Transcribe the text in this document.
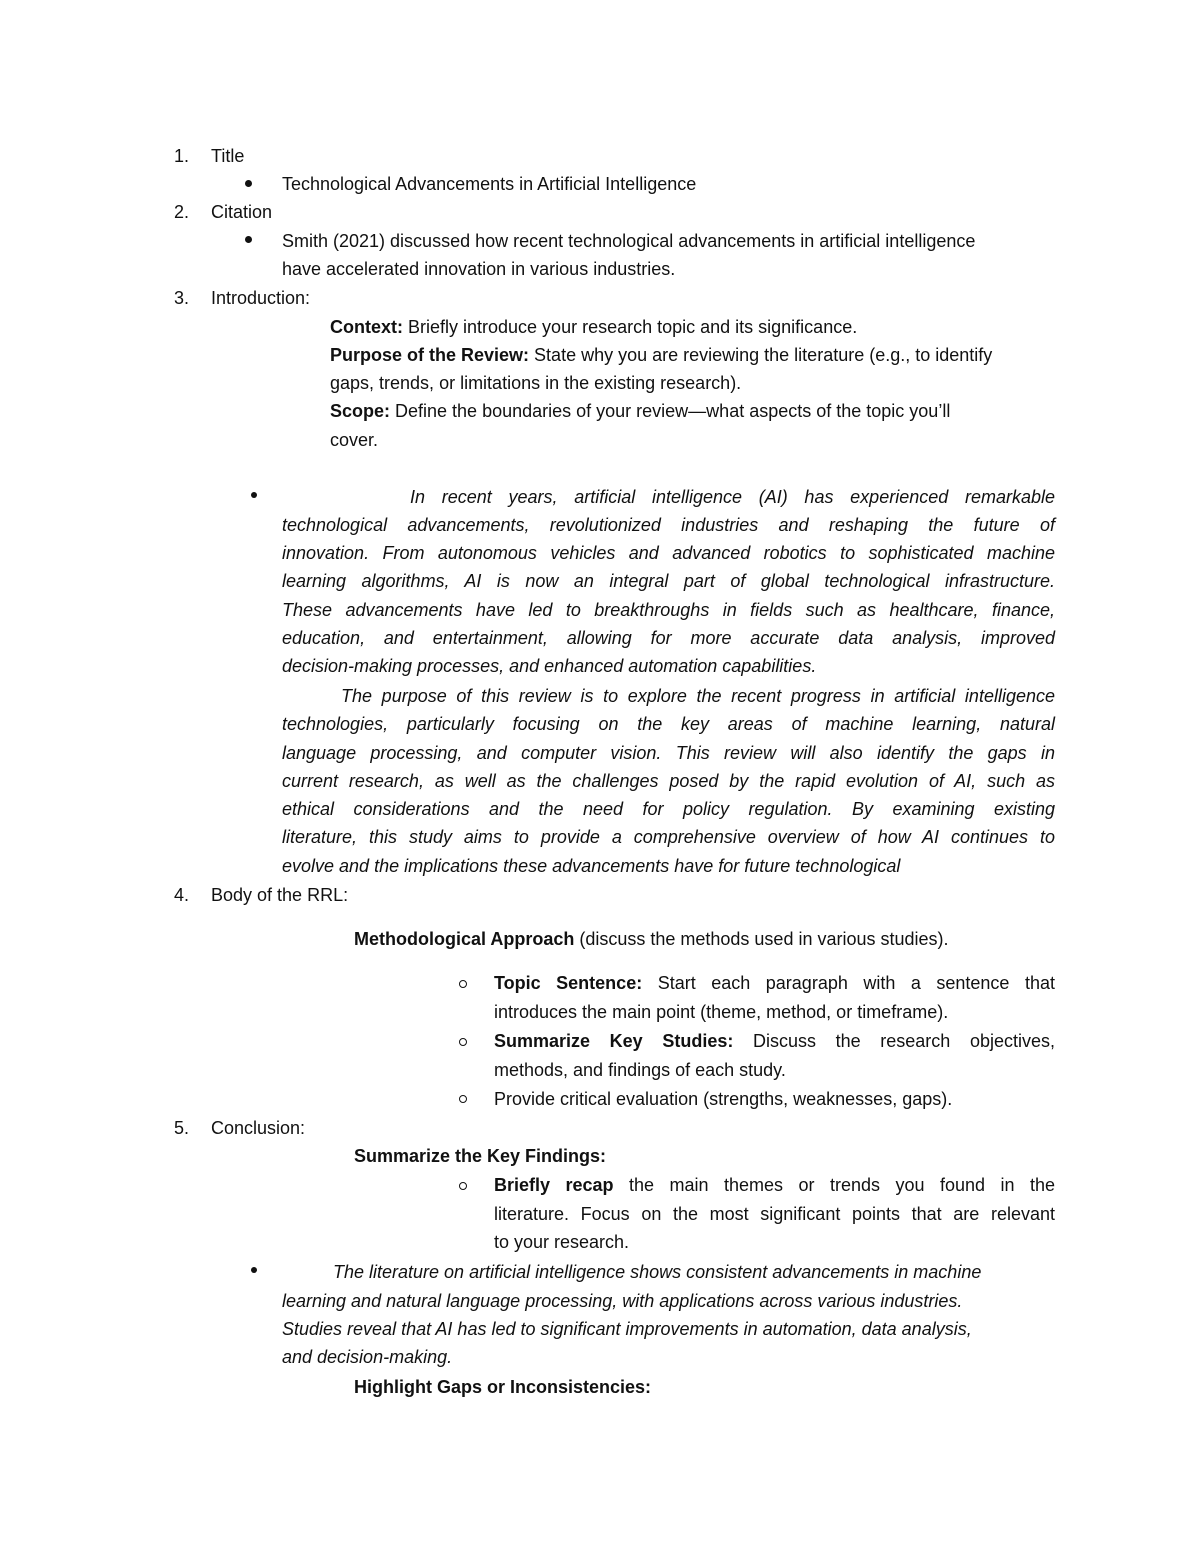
1. Title
Technological Advancements in Artificial Intelligence
2. Citation
Smith (2021) discussed how recent technological advancements in artificial intelligence
have accelerated innovation in various industries.
3. Introduction:
Context: Briefly introduce your research topic and its significance.
Purpose of the Review: State why you are reviewing the literature (e.g., to identify
gaps, trends, or limitations in the existing research).
Scope: Define the boundaries of your review—what aspects of the topic you’ll
cover.
In recent years, artificial intelligence (AI) has experienced remarkable
technological advancements, revolutionized industries and reshaping the future of
innovation. From autonomous vehicles and advanced robotics to sophisticated machine
learning algorithms, AI is now an integral part of global technological infrastructure.
These advancements have led to breakthroughs in fields such as healthcare, finance,
education, and entertainment, allowing for more accurate data analysis, improved
decision-making processes, and enhanced automation capabilities.
The purpose of this review is to explore the recent progress in artificial intelligence
technologies, particularly focusing on the key areas of machine learning, natural
language processing, and computer vision. This review will also identify the gaps in
current research, as well as the challenges posed by the rapid evolution of AI, such as
ethical considerations and the need for policy regulation. By examining existing
literature, this study aims to provide a comprehensive overview of how AI continues to
evolve and the implications these advancements have for future technological
4. Body of the RRL:
Methodological Approach (discuss the methods used in various studies).
Topic Sentence: Start each paragraph with a sentence that
introduces the main point (theme, method, or timeframe).
Summarize Key Studies: Discuss the research objectives,
methods, and findings of each study.
Provide critical evaluation (strengths, weaknesses, gaps).
5. Conclusion:
Summarize the Key Findings:
Briefly recap the main themes or trends you found in the
literature. Focus on the most significant points that are relevant
to your research.
The literature on artificial intelligence shows consistent advancements in machine
learning and natural language processing, with applications across various industries.
Studies reveal that AI has led to significant improvements in automation, data analysis,
and decision-making.
Highlight Gaps or Inconsistencies:
